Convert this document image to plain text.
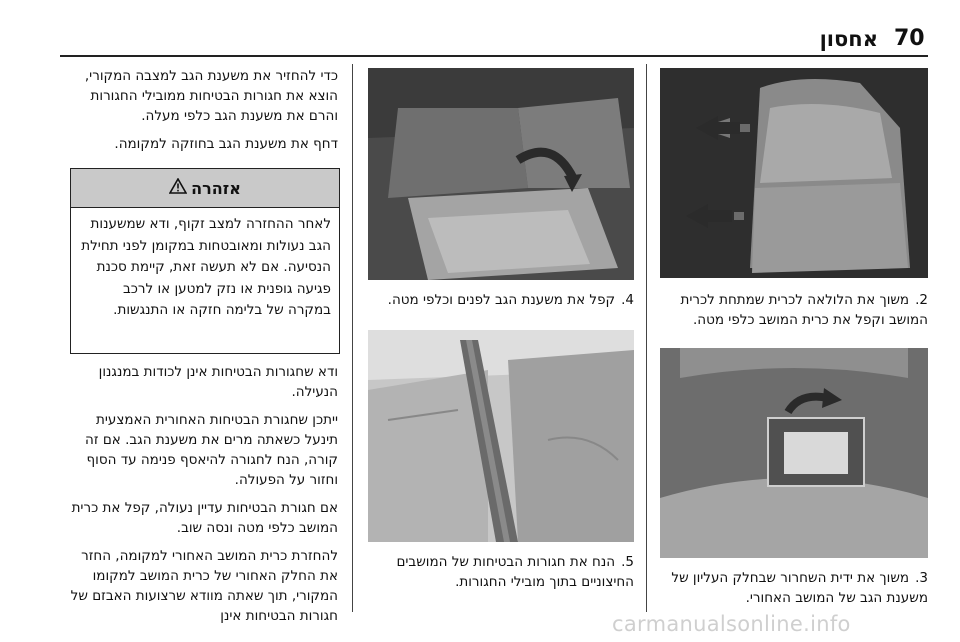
70
אחסון
2.משוך את הלולאה לכרית שמתחת לכרית המושב וקפל את כרית המושב כלפי מטה.
3.משוך את ידית השחרור שבחלק העליון של משענת הגב של המושב האחורי.
4.קפל את משענת הגב לפנים וכלפי מטה.
5.הנח את חגורות הבטיחות של המושבים החיצוניים בתוך מובילי החגורות.

כדי להחזיר את משענת הגב למצבה המקורי, הוצא את חגורות הבטיחות ממובילי החגורות והרם את משענת הגב כלפי מעלה.

דחף את משענת הגב בחוזקה למקומה.

אזהרה
לאחר ההחזרה למצב זקוף, ודא שמשענות הגב נעולות ומאובטחות במקומן לפני תחילת הנסיעה. אם לא תעשה זאת, קיימת סכנת פגיעה גופנית או נזק למטען או לרכב במקרה של בלימה חזקה או התנגשות.

ודא שחגורות הבטיחות אינן לכודות במנגנון הנעילה.

ייתכן שחגורת הבטיחות האחורית האמצעית תינעל כשאתה מרים את משענת הגב. אם זה קורה, הנח לחגורה להיאסף פנימה עד הסוף וחזור על הפעולה.

אם חגורת הבטיחות עדיין נעולה, קפל את כרית המושב כלפי מטה ונסה שוב.

להחזרת כרית המושב האחורי למקומה, החזר את החלק האחורי של כרית המושב למקומו המקורי, תוך שאתה מוודא שרצועות האבזם של חגורות הבטיחות אינן	carmanualsonline.info
